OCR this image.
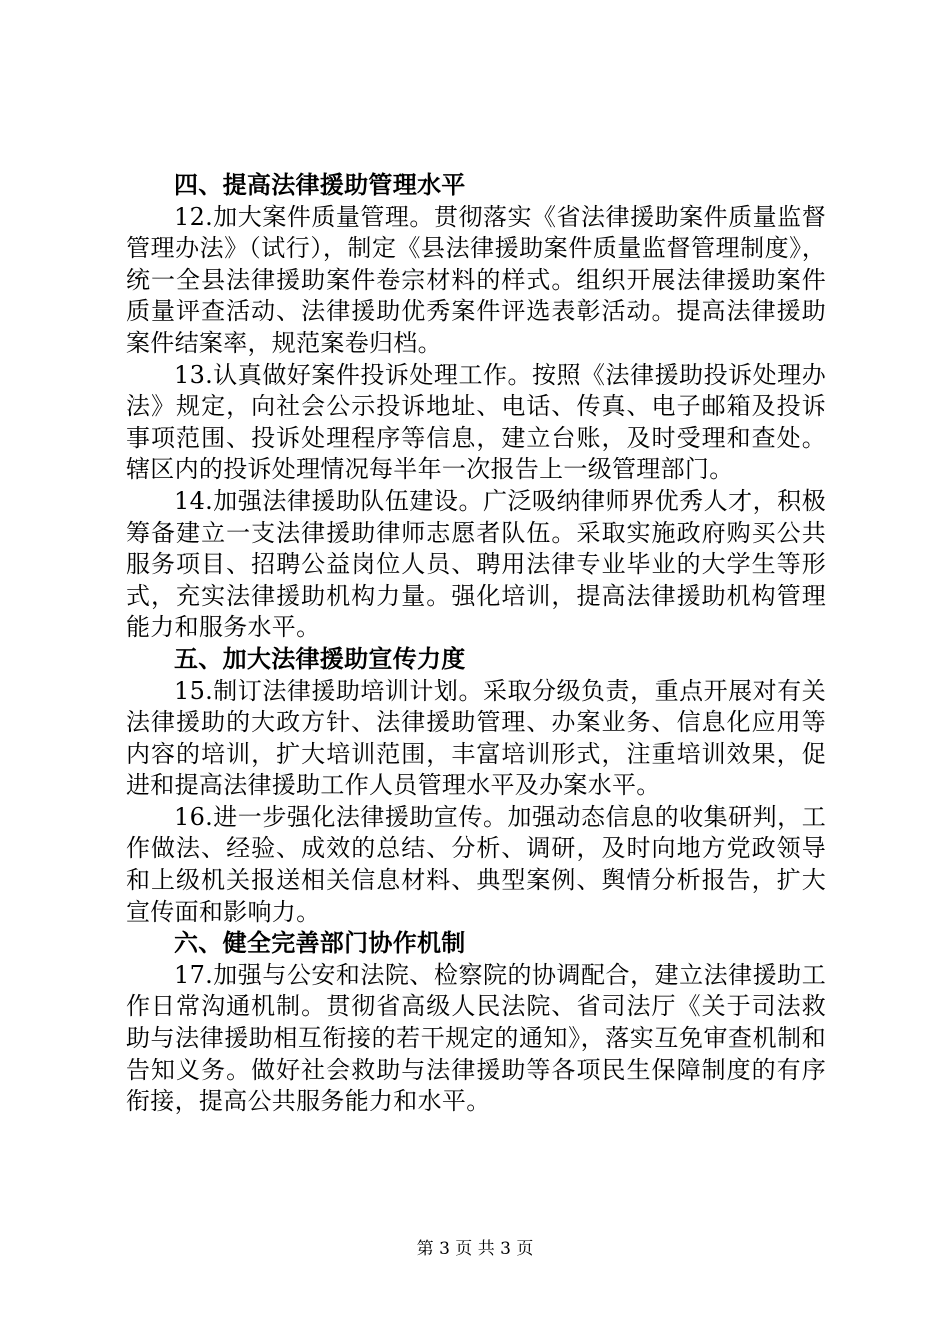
四、提高法律援助管理水平

12.加大案件质量管理。贯彻落实《省法律援助案件质量监督管理办法》（试行），制定《县法律援助案件质量监督管理制度》，统一全县法律援助案件卷宗材料的样式。组织开展法律援助案件质量评查活动、法律援助优秀案件评选表彰活动。提高法律援助案件结案率，规范案卷归档。

13.认真做好案件投诉处理工作。按照《法律援助投诉处理办法》规定，向社会公示投诉地址、电话、传真、电子邮箱及投诉事项范围、投诉处理程序等信息，建立台账，及时受理和查处。辖区内的投诉处理情况每半年一次报告上一级管理部门。

14.加强法律援助队伍建设。广泛吸纳律师界优秀人才，积极筹备建立一支法律援助律师志愿者队伍。采取实施政府购买公共服务项目、招聘公益岗位人员、聘用法律专业毕业的大学生等形式，充实法律援助机构力量。强化培训，提高法律援助机构管理能力和服务水平。

五、加大法律援助宣传力度

15.制订法律援助培训计划。采取分级负责，重点开展对有关法律援助的大政方针、法律援助管理、办案业务、信息化应用等内容的培训，扩大培训范围，丰富培训形式，注重培训效果，促进和提高法律援助工作人员管理水平及办案水平。

16.进一步强化法律援助宣传。加强动态信息的收集研判，工作做法、经验、成效的总结、分析、调研，及时向地方党政领导和上级机关报送相关信息材料、典型案例、舆情分析报告，扩大宣传面和影响力。

六、健全完善部门协作机制

17.加强与公安和法院、检察院的协调配合，建立法律援助工作日常沟通机制。贯彻省高级人民法院、省司法厅《关于司法救助与法律援助相互衔接的若干规定的通知》，落实互免审查机制和告知义务。做好社会救助与法律援助等各项民生保障制度的有序衔接，提高公共服务能力和水平。

第 3 页 共 3 页
